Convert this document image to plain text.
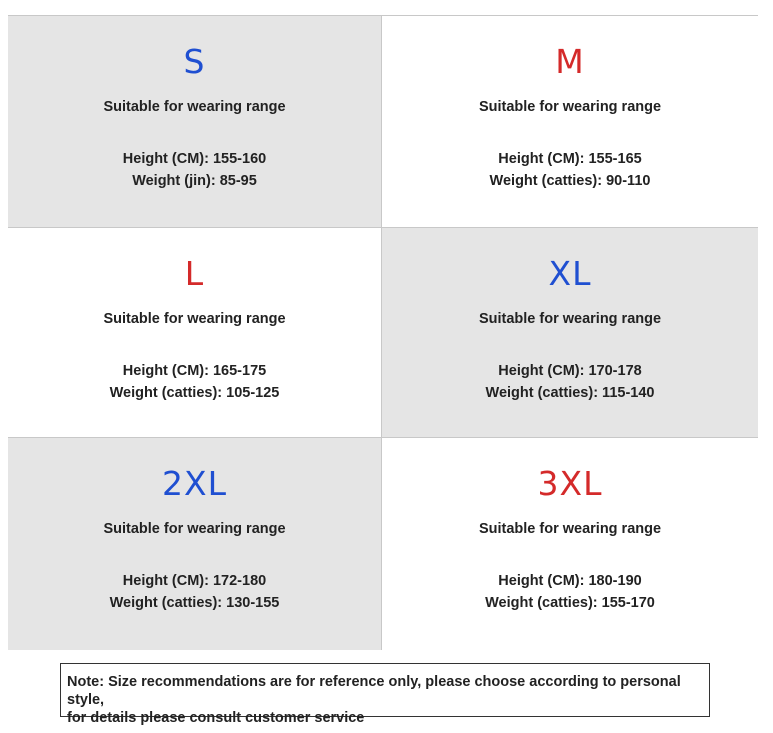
S
Suitable for wearing range
Height (CM): 155-160
Weight (jin): 85-95
M
Suitable for wearing range
Height (CM): 155-165
Weight (catties): 90-110
L
Suitable for wearing range
Height (CM): 165-175
Weight (catties): 105-125
XL
Suitable for wearing range
Height (CM): 170-178
Weight (catties): 115-140
2XL
Suitable for wearing range
Height (CM): 172-180
Weight (catties): 130-155
3XL
Suitable for wearing range
Height (CM): 180-190
Weight (catties): 155-170
Note: Size recommendations are for reference only, please choose according to personal style,
for details please consult customer service
